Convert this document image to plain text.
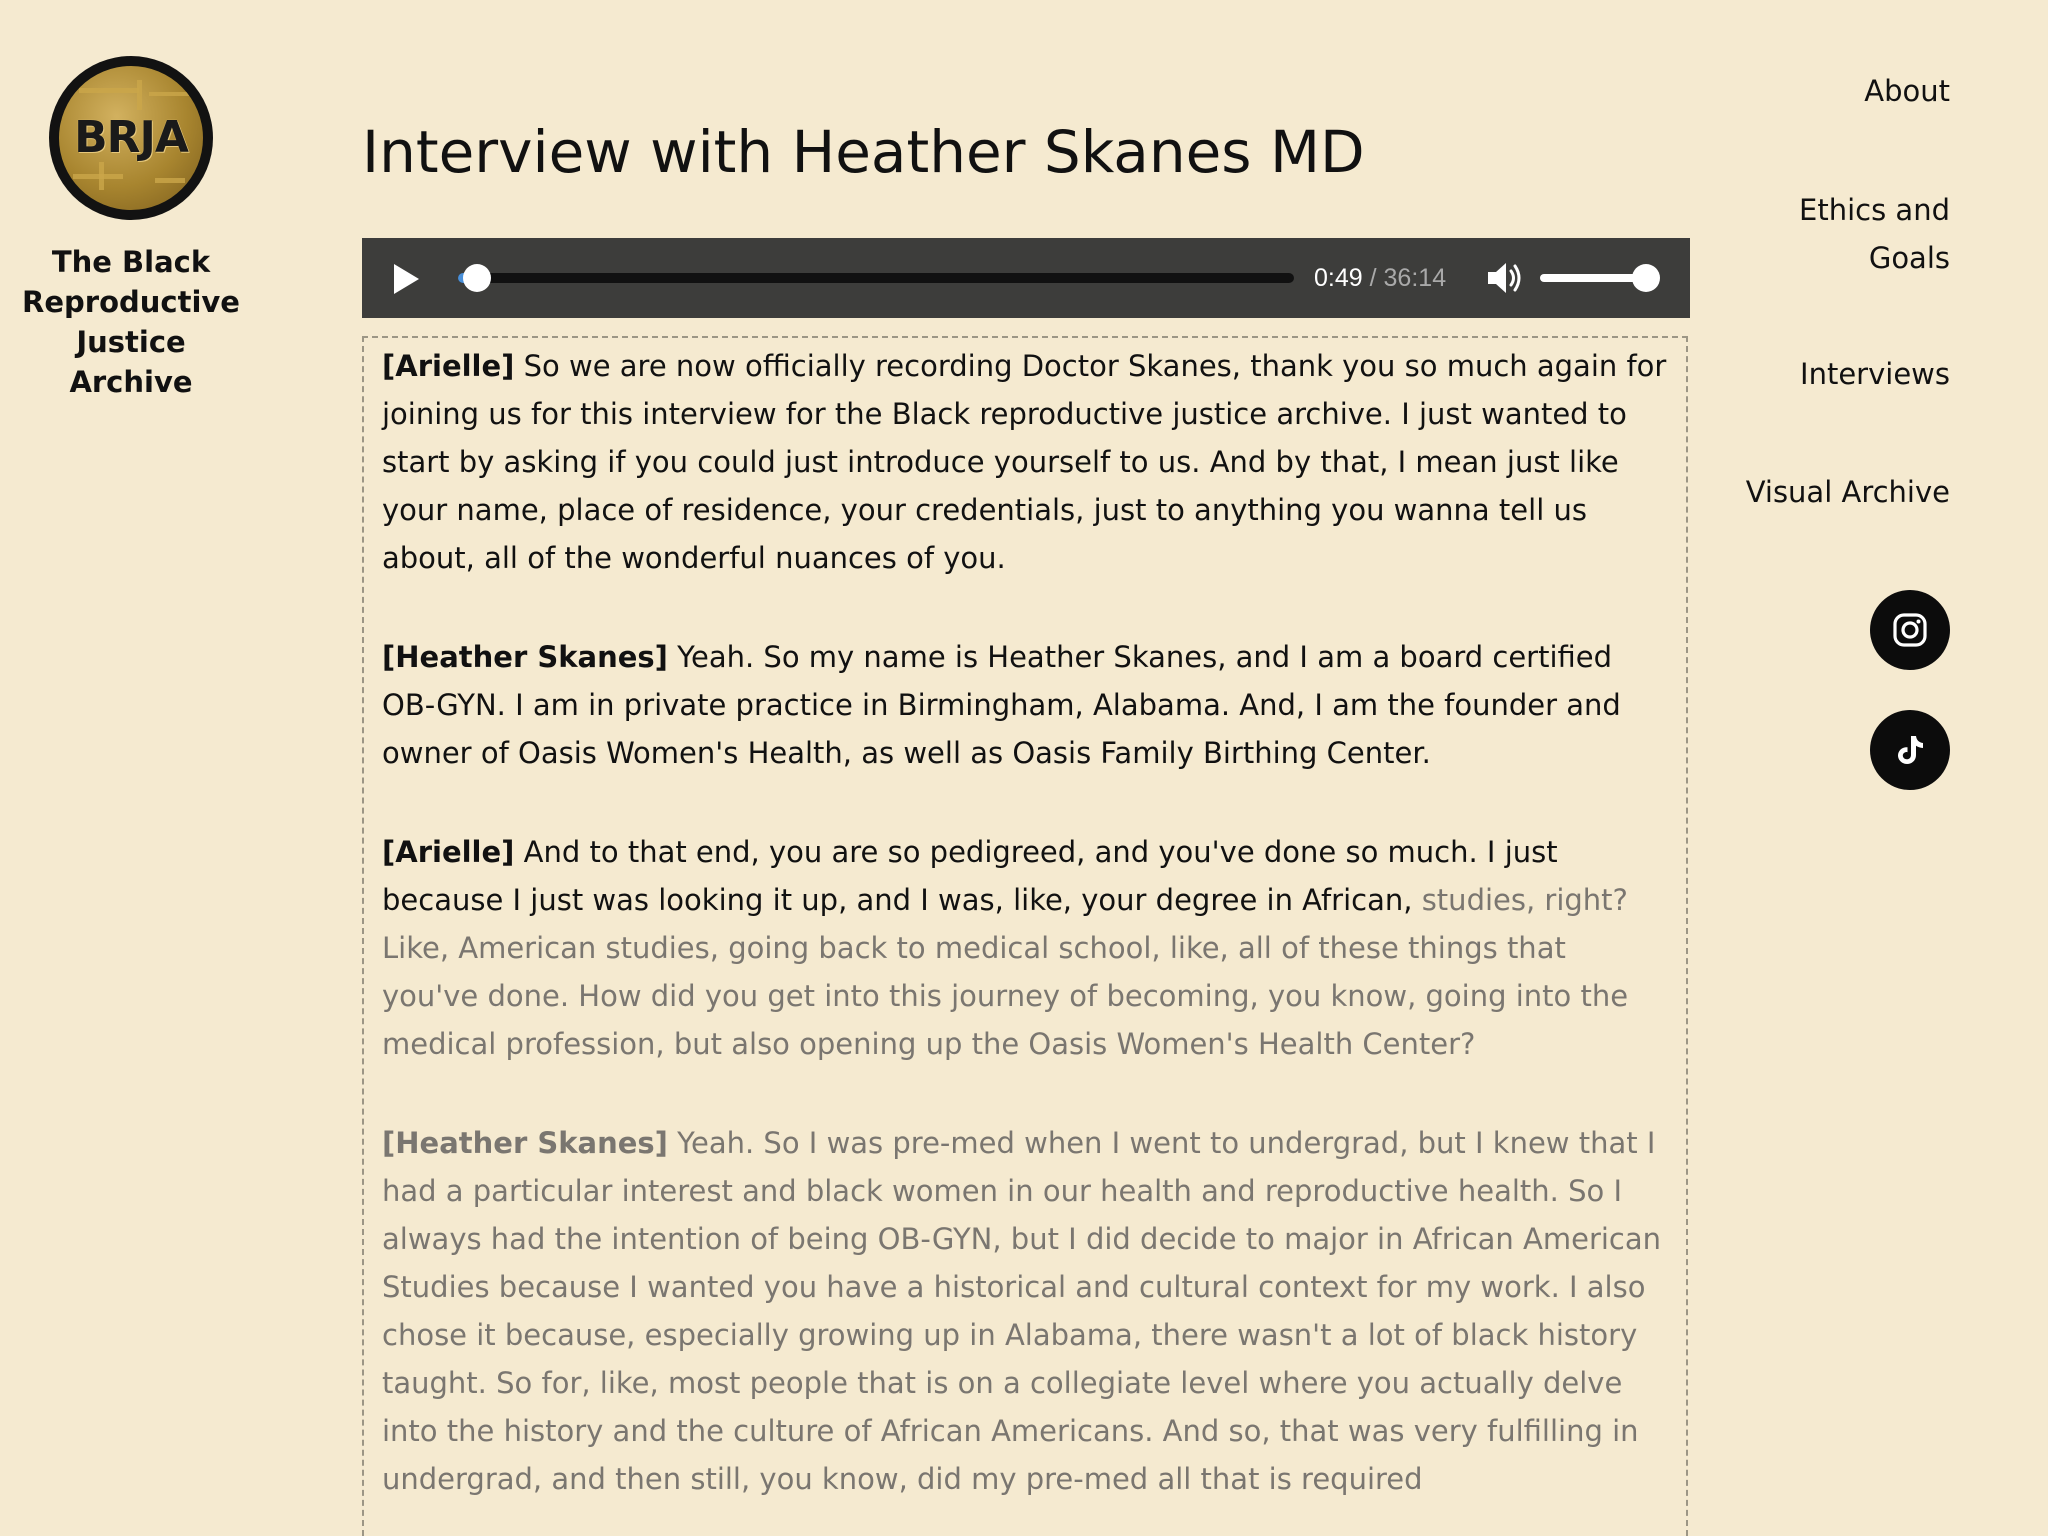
BRJA
The Black Reproductive Justice Archive
Interview with Heather Skanes MD
0:49 / 36:14

[Arielle] So we are now officially recording Doctor Skanes, thank you so much again for joining us for this interview for the Black reproductive justice archive. I just wanted to start by asking if you could just introduce yourself to us. And by that, I mean just like your name, place of residence, your credentials, just to anything you wanna tell us about, all of the wonderful nuances of you.

[Heather Skanes] Yeah. So my name is Heather Skanes, and I am a board certified OB-GYN. I am in private practice in Birmingham, Alabama. And, I am the founder and owner of Oasis Women's Health, as well as Oasis Family Birthing Center.

[Arielle] And to that end, you are so pedigreed, and you've done so much. I just because I just was looking it up, and I was, like, your degree in African, studies, right? Like, American studies, going back to medical school, like, all of these things that you've done. How did you get into this journey of becoming, you know, going into the medical profession, but also opening up the Oasis Women's Health Center?

[Heather Skanes] Yeah. So I was pre-med when I went to undergrad, but I knew that I had a particular interest and black women in our health and reproductive health. So I always had the intention of being OB-GYN, but I did decide to major in African American Studies because I wanted you have a historical and cultural context for my work. I also chose it because, especially growing up in Alabama, there wasn't a lot of black history taught. So for, like, most people that is on a collegiate level where you actually delve into the history and the culture of African Americans. And so, that was very fulfilling in undergrad, and then still, you know, did my pre-med all that is required

About
Ethics and Goals
Interviews
Visual Archive
